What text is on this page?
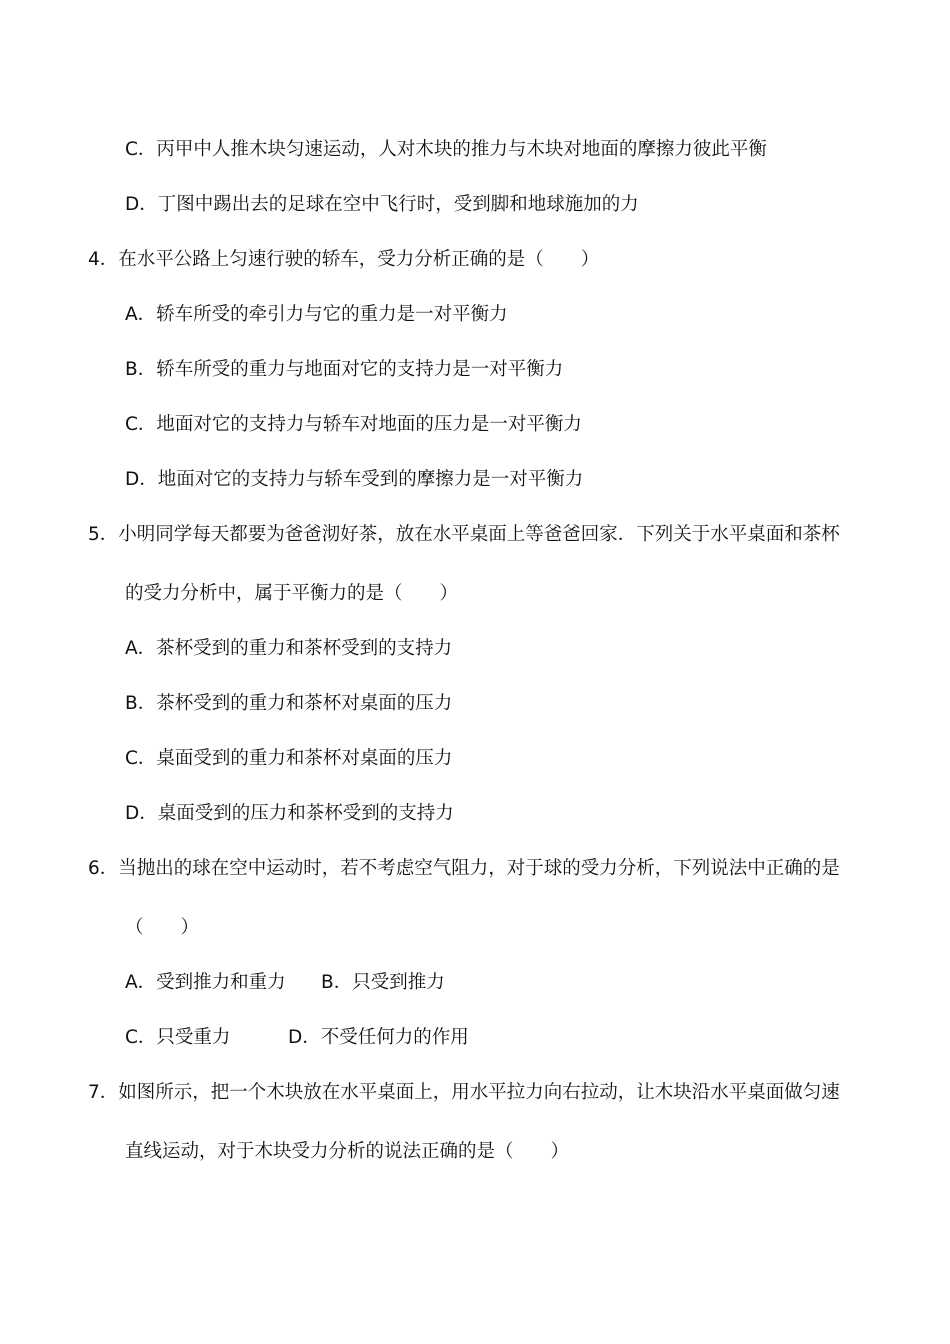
C．丙甲中人推木块匀速运动，人对木块的推力与木块对地面的摩擦力彼此平衡
D．丁图中踢出去的足球在空中飞行时，受到脚和地球施加的力
4．在水平公路上匀速行驶的轿车，受力分析正确的是（　　）
A．轿车所受的牵引力与它的重力是一对平衡力
B．轿车所受的重力与地面对它的支持力是一对平衡力
C．地面对它的支持力与轿车对地面的压力是一对平衡力
D．地面对它的支持力与轿车受到的摩擦力是一对平衡力
5．小明同学每天都要为爸爸沏好茶，放在水平桌面上等爸爸回家．下列关于水平桌面和茶杯
的受力分析中，属于平衡力的是（　　）
A．茶杯受到的重力和茶杯受到的支持力
B．茶杯受到的重力和茶杯对桌面的压力
C．桌面受到的重力和茶杯对桌面的压力
D．桌面受到的压力和茶杯受到的支持力
6．当抛出的球在空中运动时，若不考虑空气阻力，对于球的受力分析，下列说法中正确的是
（　　）
A．受到推力和重力 B．只受到推力
C．只受重力	D．不受任何力的作用
7．如图所示，把一个木块放在水平桌面上，用水平拉力向右拉动，让木块沿水平桌面做匀速
直线运动，对于木块受力分析的说法正确的是（　　）
